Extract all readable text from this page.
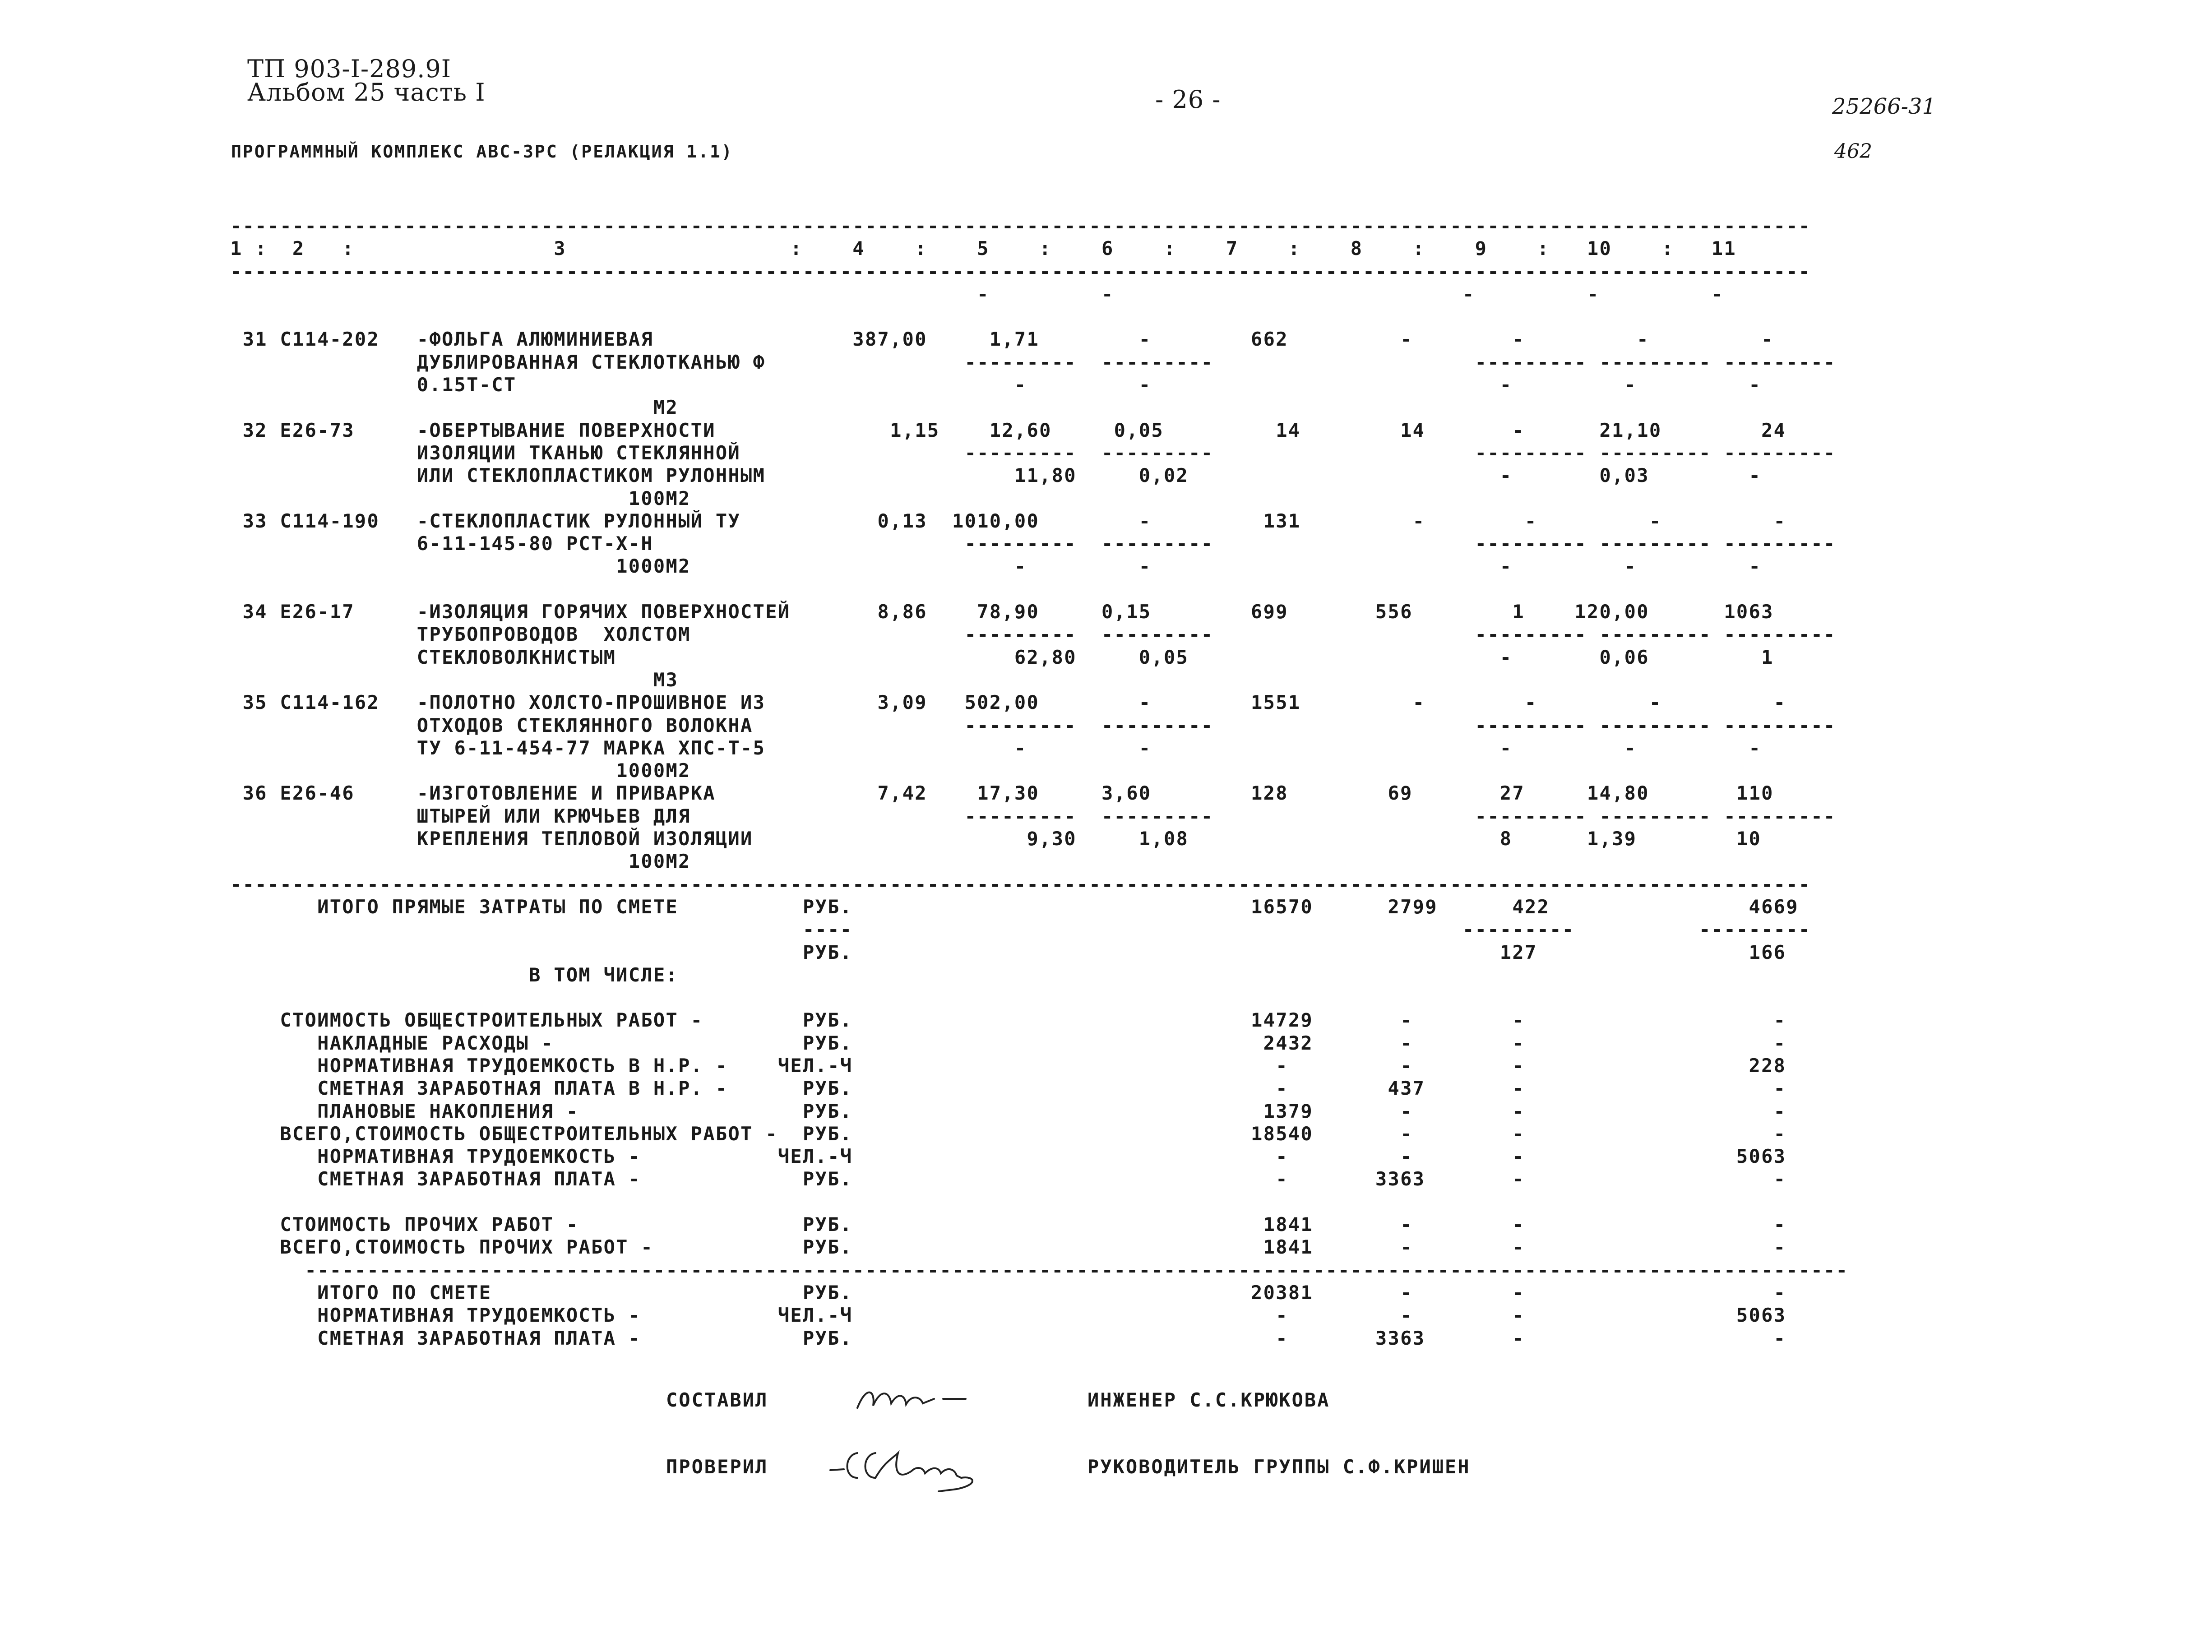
ТП 903-I-289.9I
Альбом 25 часть I	- 26 -	25266-31
462
ПРОГРАММНЫЙ КОМПЛЕКС АВС-3РС (РЕЛАКЦИЯ 1.1)
-------------------------------------------------------------------------------------------------------------------------------
1 :  2   :                3                  :    4    :    5    :    6    :    7    :    8    :    9    :   10    :   11
-------------------------------------------------------------------------------------------------------------------------------
-         -                            -         -         -
31 С114-202   -ФОЛЬГА АЛЮМИНИЕВАЯ                387,00     1,71        -        662         -        -         -         -
ДУБЛИРОВАННАЯ СТЕКЛОТКАНЬЮ Ф                ---------  ---------                     --------- --------- ---------
0.15Т-СТ                                        -         -                            -         -         -
М2
32 Е26-73     -ОБЕРТЫВАНИЕ ПОВЕРХНОСТИ              1,15    12,60     0,05         14        14       -      21,10        24
ИЗОЛЯЦИИ ТКАНЬЮ СТЕКЛЯННОЙ                  ---------  ---------                     --------- --------- ---------
ИЛИ СТЕКЛОПЛАСТИКОМ РУЛОННЫМ                    11,80     0,02                         -       0,03        -
100М2
33 С114-190   -СТЕКЛОПЛАСТИК РУЛОННЫЙ ТУ           0,13  1010,00        -         131         -        -         -         -
6-11-145-80 РСТ-Х-Н                         ---------  ---------                     --------- --------- ---------
1000М2                          -         -                            -         -         -
34 Е26-17     -ИЗОЛЯЦИЯ ГОРЯЧИХ ПОВЕРХНОСТЕЙ       8,86    78,90     0,15        699       556        1    120,00      1063
ТРУБОПРОВОДОВ  ХОЛСТОМ                      ---------  ---------                     --------- --------- ---------
СТЕКЛОВОЛКНИСТЫМ                                62,80     0,05                         -       0,06         1
М3
35 С114-162   -ПОЛОТНО ХОЛСТО-ПРОШИВНОЕ ИЗ         3,09   502,00        -        1551         -        -         -         -
ОТХОДОВ СТЕКЛЯННОГО ВОЛОКНА                 ---------  ---------                     --------- --------- ---------
ТУ 6-11-454-77 МАРКА ХПС-Т-5                    -         -                            -         -         -
1000М2
36 Е26-46     -ИЗГОТОВЛЕНИЕ И ПРИВАРКА             7,42    17,30     3,60        128        69       27     14,80       110
ШТЫРЕЙ ИЛИ КРЮЧЬЕВ ДЛЯ                      ---------  ---------                     --------- --------- ---------
КРЕПЛЕНИЯ ТЕПЛОВОЙ ИЗОЛЯЦИИ                      9,30     1,08                         8      1,39        10
100М2
-------------------------------------------------------------------------------------------------------------------------------
ИТОГО ПРЯМЫЕ ЗАТРАТЫ ПО СМЕТЕ          РУБ.                                16570      2799      422                4669
----                                                 ---------          ---------
РУБ.                                                    127                 166
В ТОМ ЧИСЛЕ:
СТОИМОСТЬ ОБЩЕСТРОИТЕЛЬНЫХ РАБОТ -        РУБ.                                14729       -        -                    -
НАКЛАДНЫЕ РАСХОДЫ -                    РУБ.                                 2432       -        -                    -
НОРМАТИВНАЯ ТРУДОЕМКОСТЬ В Н.Р. -    ЧЕЛ.-Ч                                  -         -        -                  228
СМЕТНАЯ ЗАРАБОТНАЯ ПЛАТА В Н.Р. -      РУБ.                                  -        437       -                    -
ПЛАНОВЫЕ НАКОПЛЕНИЯ -                  РУБ.                                 1379       -        -                    -
ВСЕГО,СТОИМОСТЬ ОБЩЕСТРОИТЕЛЬНЫХ РАБОТ -  РУБ.                                18540       -        -                    -
НОРМАТИВНАЯ ТРУДОЕМКОСТЬ -           ЧЕЛ.-Ч                                  -         -        -                 5063
СМЕТНАЯ ЗАРАБОТНАЯ ПЛАТА -             РУБ.                                  -       3363       -                    -
СТОИМОСТЬ ПРОЧИХ РАБОТ -                  РУБ.                                 1841       -        -                    -
ВСЕГО,СТОИМОСТЬ ПРОЧИХ РАБОТ -            РУБ.                                 1841       -        -                    -
----------------------------------------------------------------------------------------------------------------------------
ИТОГО ПО СМЕТЕ                         РУБ.                                20381       -        -                    -
НОРМАТИВНАЯ ТРУДОЕМКОСТЬ -           ЧЕЛ.-Ч                                  -         -        -                 5063
СМЕТНАЯ ЗАРАБОТНАЯ ПЛАТА -             РУБ.                                  -       3363       -                    -
СОСТАВИЛ	ИНЖЕНЕР С.С.КРЮКОВА
ПРОВЕРИЛ	РУКОВОДИТЕЛЬ ГРУППЫ С.Ф.КРИШЕН
